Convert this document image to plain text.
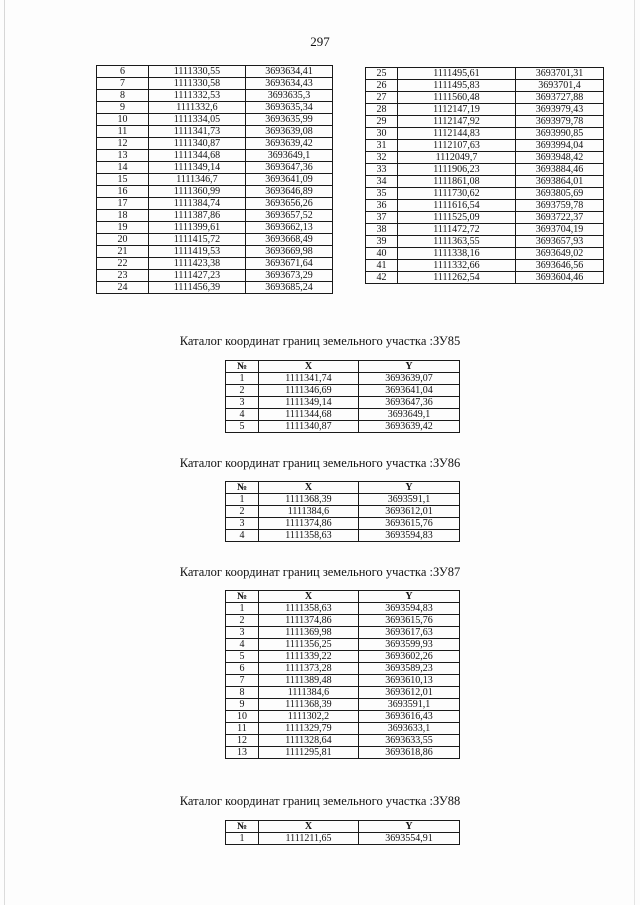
297
6	1111330,55	3693634,41
7	1111330,58	3693634,43
8	1111332,53	3693635,3
9	1111332,6	3693635,34
10	1111334,05	3693635,99
11	1111341,73	3693639,08
12	1111340,87	3693639,42
13	1111344,68	3693649,1
14	1111349,14	3693647,36
15	1111346,7	3693641,09
16	1111360,99	3693646,89
17	1111384,74	3693656,26
18	1111387,86	3693657,52
19	1111399,61	3693662,13
20	1111415,72	3693668,49
21	1111419,53	3693669,98
22	1111423,38	3693671,64
23	1111427,23	3693673,29
24	1111456,39	3693685,24
25	1111495,61	3693701,31
26	1111495,83	3693701,4
27	1111560,48	3693727,88
28	1112147,19	3693979,43
29	1112147,92	3693979,78
30	1112144,83	3693990,85
31	1112107,63	3693994,04
32	1112049,7	3693948,42
33	1111906,23	3693884,46
34	1111861,08	3693864,01
35	1111730,62	3693805,69
36	1111616,54	3693759,78
37	1111525,09	3693722,37
38	1111472,72	3693704,19
39	1111363,55	3693657,93
40	1111338,16	3693649,02
41	1111332,66	3693646,56
42	1111262,54	3693604,46
Каталог координат границ земельного участка :ЗУ85
№	X	Y
1	1111341,74	3693639,07
2	1111346,69	3693641,04
3	1111349,14	3693647,36
4	1111344,68	3693649,1
5	1111340,87	3693639,42
Каталог координат границ земельного участка :ЗУ86
№	X	Y
1	1111368,39	3693591,1
2	1111384,6	3693612,01
3	1111374,86	3693615,76
4	1111358,63	3693594,83
Каталог координат границ земельного участка :ЗУ87
№	X	Y
1	1111358,63	3693594,83
2	1111374,86	3693615,76
3	1111369,98	3693617,63
4	1111356,25	3693599,93
5	1111339,22	3693602,26
6	1111373,28	3693589,23
7	1111389,48	3693610,13
8	1111384,6	3693612,01
9	1111368,39	3693591,1
10	1111302,2	3693616,43
11	1111329,79	3693633,1
12	1111328,64	3693633,55
13	1111295,81	3693618,86
Каталог координат границ земельного участка :ЗУ88
№	X	Y
1	1111211,65	3693554,91
